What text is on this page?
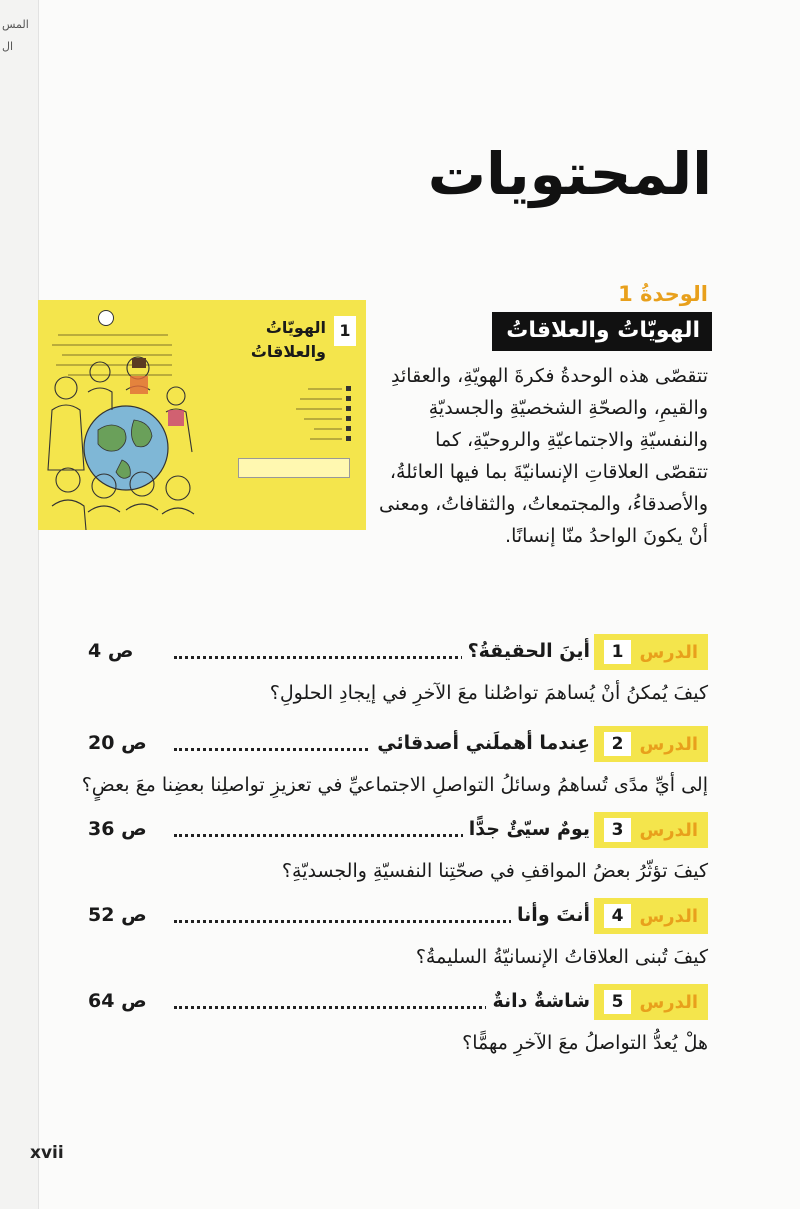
المس
ال
المحتويات
1
الهويّاتُ
والعلاقاتُ
الوحدةُ 1
الهويّاتُ والعلاقاتُ
تتقصّى هذه الوحدةُ فكرةَ الهويّةِ، والعقائدِ والقيمِ، والصحّةِ الشخصيّةِ والجسديّةِ والنفسيّةِ والاجتماعيّةِ والروحيّةِ، كما تتقصّى العلاقاتِ الإنسانيّةَ بما فيها العائلةُ، والأصدقاءُ، والمجتمعاتُ، والثقافاتُ، ومعنى أنْ يكونَ الواحدُ منّا إنسانًا.
الدرس
1
أينَ الحقيقةُ؟
ص 4
كيفَ يُمكنُ أنْ يُساهمَ تواصُلنا معَ الآخرِ في إيجادِ الحلولِ؟
الدرس
2
عِندما أهملَني أصدقائي
ص 20
إلى أيِّ مدًى تُساهمُ وسائلُ التواصلِ الاجتماعيِّ في تعزيزِ تواصلِنا بعضِنا معَ بعضٍ؟
الدرس
3
يومٌ سيّئٌ جدًّا
ص 36
كيفَ تؤثّرُ بعضُ المواقفِ في صحّتِنا النفسيّةِ والجسديّةِ؟
الدرس
4
أنتَ وأنا
ص 52
كيفَ تُبنى العلاقاتُ الإنسانيّةُ السليمةُ؟
الدرس
5
شاشةٌ دانةٌ
ص 64
هلْ يُعدُّ التواصلُ معَ الآخرِ مهمًّا؟
xvii
